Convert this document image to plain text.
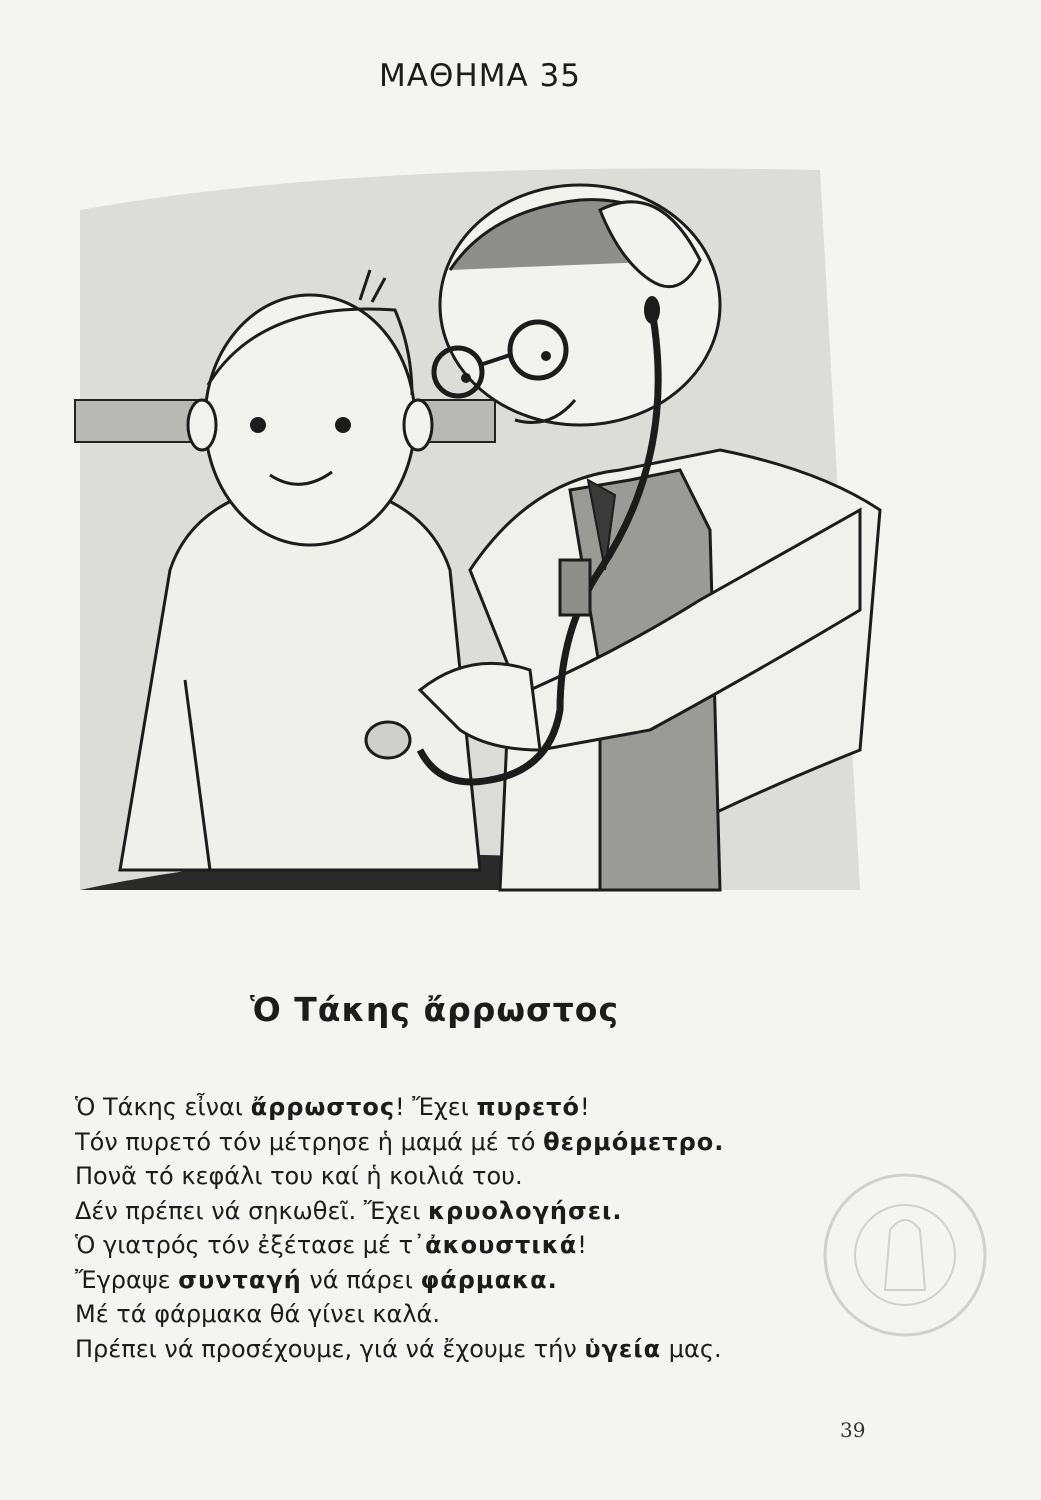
ΜΑΘΗΜΑ 35
Ὁ Τάκης ἄρρωστος
Ὁ Τάκης εἶναι ἄρρωστος! Ἔχει πυρετό!
Τόν πυρετό τόν μέτρησε ἡ μαμά μέ τό θερμόμετρο.
Πονᾶ τό κεφάλι του καί ἡ κοιλιά του.
Δέν πρέπει νά σηκωθεῖ. Ἔχει κρυολογήσει.
Ὁ γιατρός τόν ἐξέτασε μέ τ᾽ἀκουστικά!
Ἔγραψε συνταγή νά πάρει φάρμακα.
Μέ τά φάρμακα θά γίνει καλά.
Πρέπει νά προσέχουμε, γιά νά ἔχουμε τήν ὑγεία μας.
39
